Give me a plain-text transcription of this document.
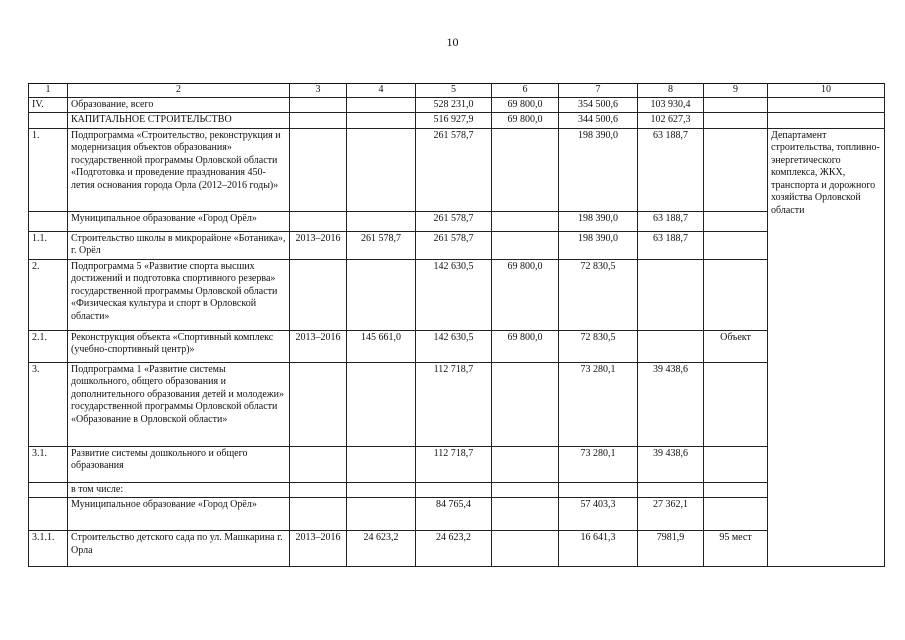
10
1	2	3	4	5	6	7	8	9	10
IV.	Образование, всего			528 231,0	69 800,0	354 500,6	103 930,4		
	КАПИТАЛЬНОЕ СТРОИТЕЛЬСТВО			516 927,9	69 800,0	344 500,6	102 627,3		
1.	Подпрограмма «Строительство, реконструкция и модернизация объектов образования» государственной программы Орловской области «Подготовка и проведение празднования 450-летия основания города Орла (2012–2016 годы)»			261 578,7		198 390,0	63 188,7		Департамент строительства, топливно-энергетического комплекса, ЖКХ, транспорта и дорожного хозяйства Орловской области
	Муниципальное образование «Город Орёл»			261 578,7		198 390,0	63 188,7		
1.1.	Строительство школы в микрорайоне «Ботаника», г. Орёл	2013–2016	261 578,7	261 578,7		198 390,0	63 188,7		
2.	Подпрограмма 5 «Развитие спорта высших достижений и подготовка спортивного резерва» государственной программы Орловской области «Физическая культура и спорт в Орловской области»			142 630,5	69 800,0	72 830,5			
2.1.	Реконструкция объекта «Спортивный комплекс (учебно-спортивный центр)»	2013–2016	145 661,0	142 630,5	69 800,0	72 830,5		Объект	
3.	Подпрограмма 1 «Развитие системы дошкольного, общего образования и дополнительного образования детей и молодежи» государственной программы Орловской области «Образование в Орловской области»			112 718,7		73 280,1	39 438,6		
3.1.	Развитие системы дошкольного и общего образования			112 718,7		73 280,1	39 438,6		
	в том числе:								
	Муниципальное образование «Город Орёл»			84 765,4		57 403,3	27 362,1		
3.1.1.	Строительство детского сада по ул. Машкарина г. Орла	2013–2016	24 623,2	24 623,2		16 641,3	7981,9	95 мест	
